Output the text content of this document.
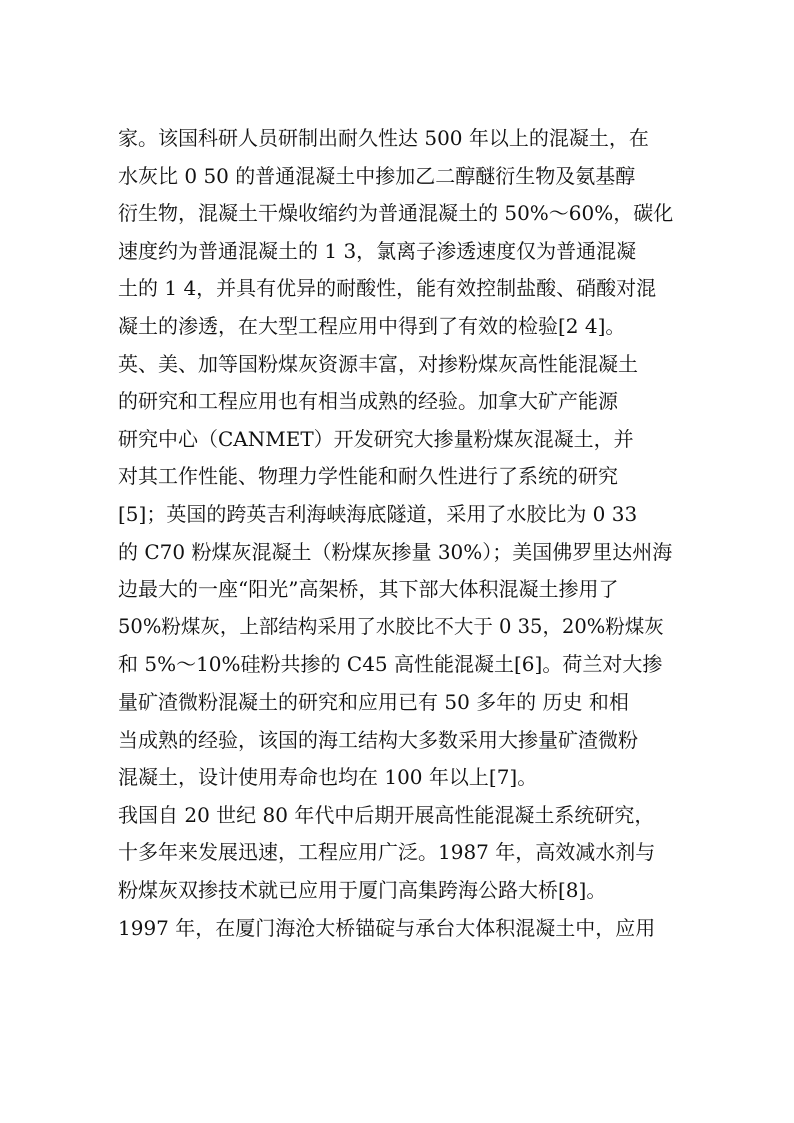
家。该国科研人员研制出耐久性达 500 年以上的混凝土，在
水灰比 0 50 的普通混凝土中掺加乙二醇醚衍生物及氨基醇
衍生物，混凝土干燥收缩约为普通混凝土的 50%～60%，碳化
速度约为普通混凝土的 1 3，氯离子渗透速度仅为普通混凝
土的 1 4，并具有优异的耐酸性，能有效控制盐酸、硝酸对混
凝土的渗透，在大型工程应用中得到了有效的检验[2 4]。
英、美、加等国粉煤灰资源丰富，对掺粉煤灰高性能混凝土
的研究和工程应用也有相当成熟的经验。加拿大矿产能源
研究中心（CANMET）开发研究大掺量粉煤灰混凝土，并
对其工作性能、物理力学性能和耐久性进行了系统的研究
[5]；英国的跨英吉利海峡海底隧道，采用了水胶比为 0 33
的 C70 粉煤灰混凝土（粉煤灰掺量 30%）；美国佛罗里达州海
边最大的一座“阳光”高架桥，其下部大体积混凝土掺用了
50%粉煤灰，上部结构采用了水胶比不大于 0 35，20%粉煤灰
和 5%～10%硅粉共掺的 C45 高性能混凝土[6]。荷兰对大掺
量矿渣微粉混凝土的研究和应用已有 50 多年的 历史 和相
当成熟的经验，该国的海工结构大多数采用大掺量矿渣微粉
混凝土，设计使用寿命也均在 100 年以上[7]。
我国自 20 世纪 80 年代中后期开展高性能混凝土系统研究，
十多年来发展迅速，工程应用广泛。1987 年，高效减水剂与
粉煤灰双掺技术就已应用于厦门高集跨海公路大桥[8]。
1997 年，在厦门海沧大桥锚碇与承台大体积混凝土中，应用
